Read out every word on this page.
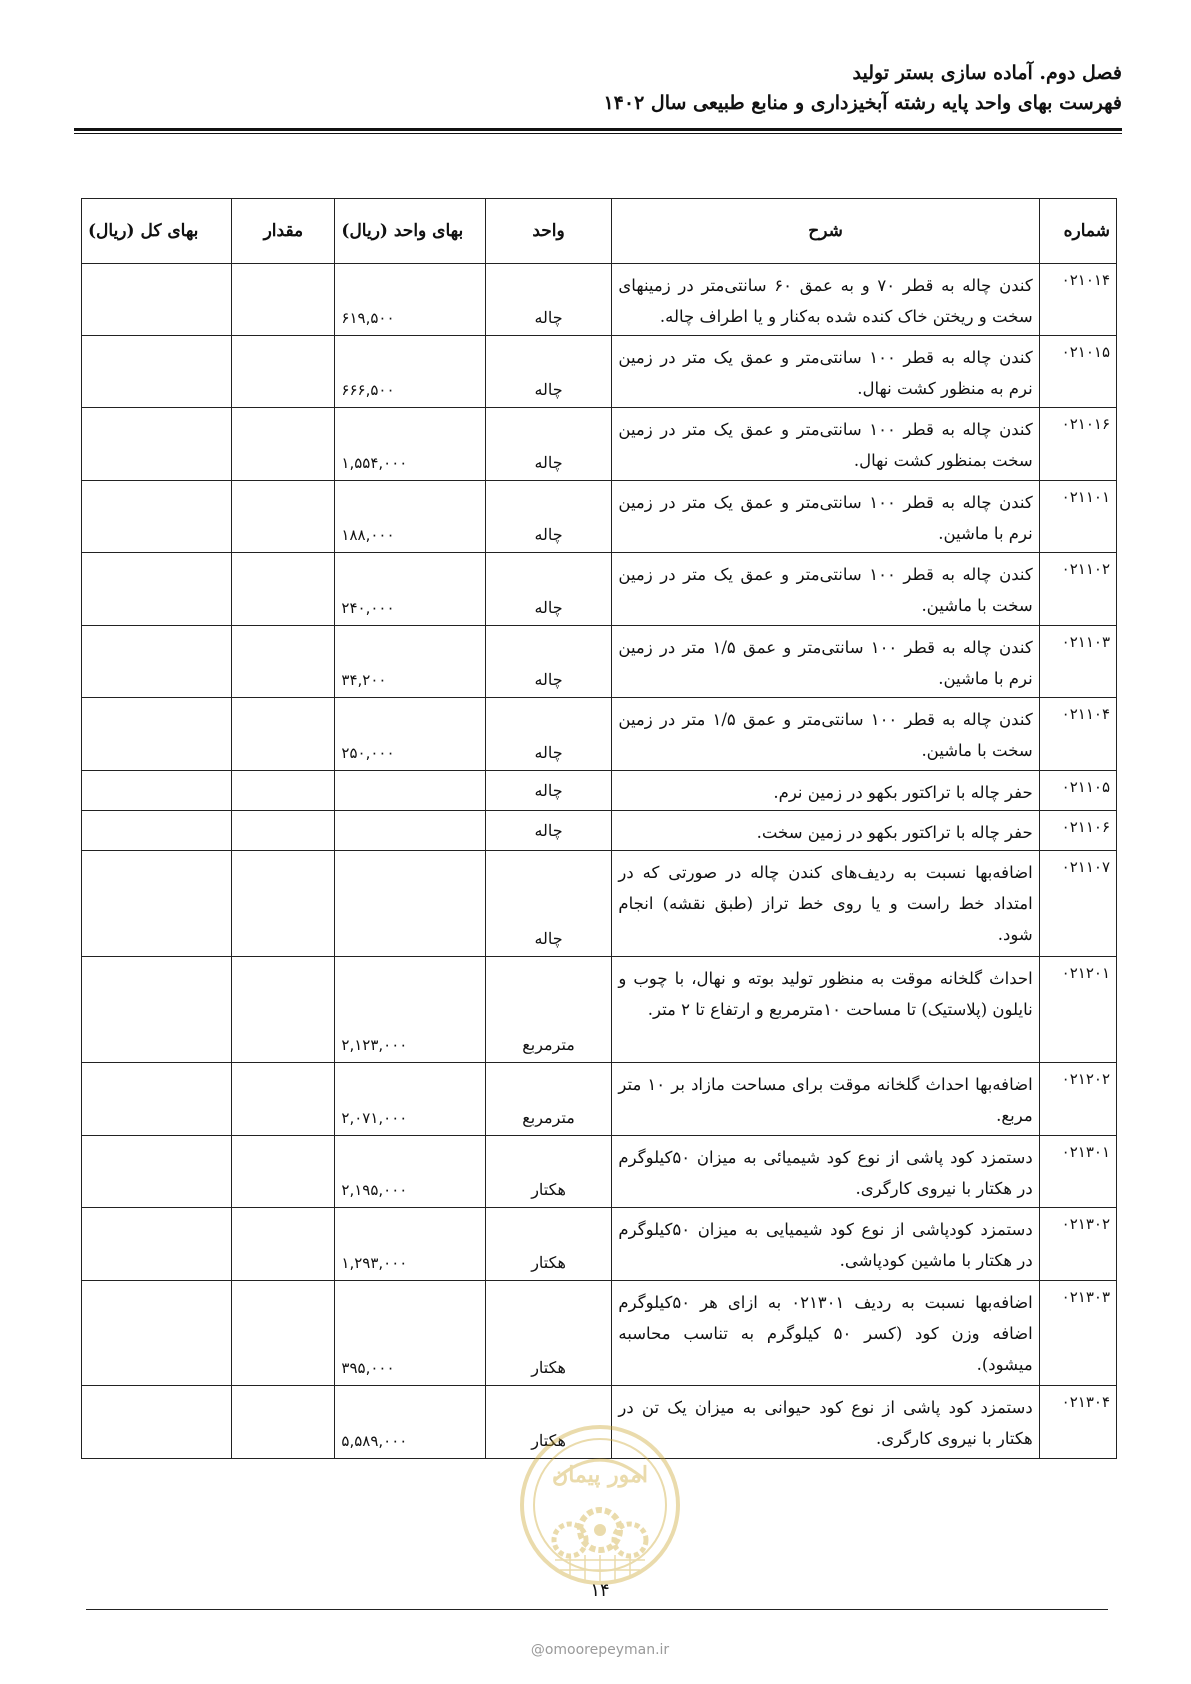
فصل دوم. آماده سازی بستر تولید
فهرست بهای واحد پایه رشته آبخیزداری و منابع طبیعی سال ۱۴۰۲
شماره	شرح	واحد	بهای واحد (ریال)	مقدار	بهای کل (ریال)
۰۲۱۰۱۴	کندن چاله به قطر ۷۰ و به عمق ۶۰ سانتی‌متر در زمینهای سخت و ریختن خاک کنده شده به‌کنار و یا اطراف چاله.	چاله	۶۱۹,۵۰۰		
۰۲۱۰۱۵	کندن چاله به قطر ۱۰۰ سانتی‌متر و عمق یک متر در زمین نرم به منظور کشت نهال.	چاله	۶۶۶,۵۰۰		
۰۲۱۰۱۶	کندن چاله به قطر ۱۰۰ سانتی‌متر و عمق یک متر در زمین سخت بمنظور کشت نهال.	چاله	۱,۵۵۴,۰۰۰		
۰۲۱۱۰۱	کندن چاله به قطر ۱۰۰ سانتی‌متر و عمق یک متر در زمین نرم با ماشین.	چاله	۱۸۸,۰۰۰		
۰۲۱۱۰۲	کندن چاله به قطر ۱۰۰ سانتی‌متر و عمق یک متر در زمین سخت با ماشین.	چاله	۲۴۰,۰۰۰		
۰۲۱۱۰۳	کندن چاله به قطر ۱۰۰ سانتی‌متر و عمق ۱/۵ متر در زمین نرم با ماشین.	چاله	۳۴,۲۰۰		
۰۲۱۱۰۴	کندن چاله به قطر ۱۰۰ سانتی‌متر و عمق ۱/۵ متر در زمین سخت با ماشین.	چاله	۲۵۰,۰۰۰		
۰۲۱۱۰۵	حفر چاله با تراکتور بکهو در زمین نرم.	چاله			
۰۲۱۱۰۶	حفر چاله با تراکتور بکهو در زمین سخت.	چاله			
۰۲۱۱۰۷	اضافه‌بها نسبت به ردیف‌های کندن چاله در صورتی که در امتداد خط راست و یا روی خط تراز (طبق نقشه) انجام شود.	چاله			
۰۲۱۲۰۱	احداث گلخانه موقت به منظور تولید بوته و نهال، با چوب و نایلون (پلاستیک) تا مساحت ۱۰مترمربع و ارتفاع تا ۲ متر.	مترمربع	۲,۱۲۳,۰۰۰		
۰۲۱۲۰۲	اضافه‌بها احداث گلخانه موقت برای مساحت مازاد بر ۱۰ متر مربع.	مترمربع	۲,۰۷۱,۰۰۰		
۰۲۱۳۰۱	دستمزد کود پاشی از نوع کود شیمیائی به میزان ۵۰کیلوگرم در هکتار با نیروی کارگری.	هکتار	۲,۱۹۵,۰۰۰		
۰۲۱۳۰۲	دستمزد کودپاشی از نوع کود شیمیایی به میزان ۵۰کیلوگرم در هکتار با ماشین کودپاشی.	هکتار	۱,۲۹۳,۰۰۰		
۰۲۱۳۰۳	اضافه‌بها نسبت به ردیف ۰۲۱۳۰۱ به ازای هر ۵۰کیلوگرم اضافه وزن کود (کسر ۵۰ کیلوگرم به تناسب محاسبه میشود).	هکتار	۳۹۵,۰۰۰		
۰۲۱۳۰۴	دستمزد کود پاشی از نوع کود حیوانی به میزان یک تن در هکتار با نیروی کارگری.	هکتار	۵,۵۸۹,۰۰۰		
امور پیمان
۱۴
@omoorepeyman.ir
